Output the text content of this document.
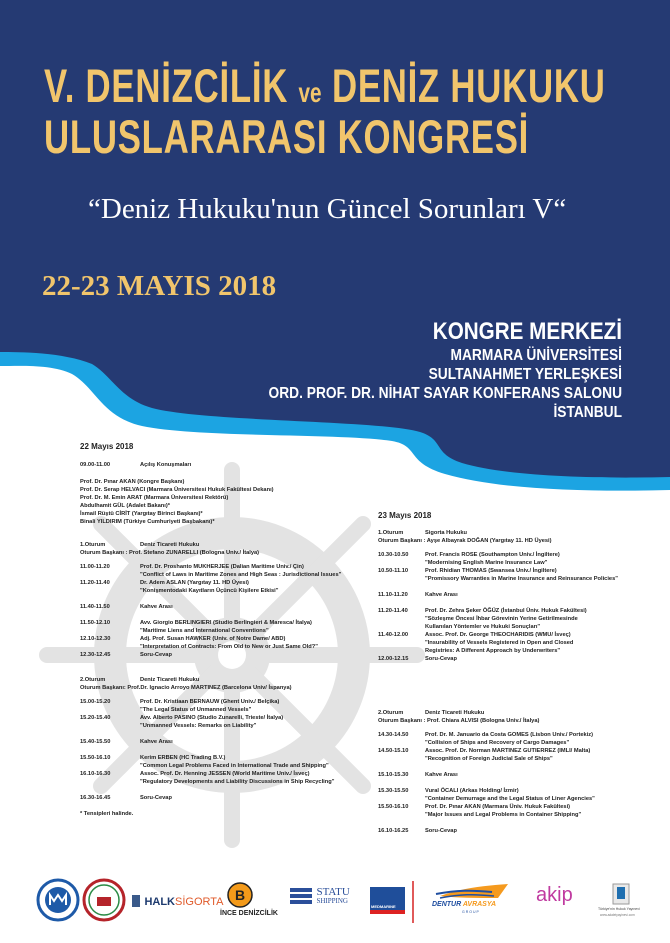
V. DENİZCİLİK ve DENİZ HUKUKU
ULUSLARARASI KONGRESİ
“Deniz Hukuku'nun Güncel Sorunları V“
22-23 MAYIS 2018
KONGRE MERKEZİ
MARMARA ÜNİVERSİTESİ
SULTANAHMET YERLEŞKESİ
ORD. PROF. DR. NİHAT SAYAR KONFERANS SALONU
İSTANBUL
22 Mayıs 2018
09.00-11.00	Açılış Konuşmaları
Prof. Dr. Pınar AKAN (Kongre Başkanı)
Prof. Dr. Serap HELVACI (Marmara Üniversitesi Hukuk Fakültesi Dekanı)
Prof. Dr. M. Emin ARAT (Marmara Üniversitesi Rektörü)
Abdulhamit GÜL (Adalet Bakanı)*
İsmail Rüştü CİRİT (Yargıtay Birinci Başkanı)*
Binali YILDIRIM (Türkiye Cumhuriyeti Başbakanı)*
1.Oturum	Deniz Ticareti Hukuku
Oturum Başkanı : Prof. Stefano ZUNARELLI (Bologna Univ./ İtalya)
11.00-11.20	Prof. Dr. Proshanto MUKHERJEE (Dalian Maritime Univ./ Çin)
"Conflict of Laws in Maritime Zones and High Seas : Jurisdictional Issues"
11.20-11.40	Dr. Adem ASLAN (Yargıtay 11. HD Üyesi)
"Konişmentodaki Kayıtların Üçüncü Kişilere Etkisi"
11.40-11.50	Kahve Arası
11.50-12.10	Avv. Giorgio BERLINGIERI (Studio Berlingieri & Maresca/ İtalya)
"Maritime Liens and International Conventions"
12.10-12.30	Adj. Prof. Susan HAWKER (Univ. of Notre Dame/ ABD)
"Interpretation of Contracts: From Old to New or Just Same Old?"
12.30-12.45	Soru-Cevap
2.Oturum	Deniz Ticareti Hukuku
Oturum Başkanı: Prof.Dr. Ignacio Arroyo MARTINEZ (Barcelona Univ/ İspanya)
15.00-15.20	Prof. Dr. Kristiaan BERNAUW (Ghent Univ./ Belçika)
"The Legal Status of Unmanned Vessels"
15.20-15.40	Avv. Alberto PASINO (Studio Zunarelli, Trieste/ İtalya)
"Unmanned Vessels: Remarks on Liability"
15.40-15.50	Kahve Arası
15.50-16.10	Kerim ERBEN (HC Trading B.V.)
"Common Legal Problems Faced in International Trade and Shipping"
16.10-16.30	Assoc. Prof. Dr. Henning JESSEN (World Maritime Univ./ İsveç)
"Regulatory Developments and Liability Discussions in Ship Recycling"
16.30-16.45	Soru-Cevap
* Tensipleri halinde.
23 Mayıs 2018
1.Oturum	Sigorta Hukuku
Oturum Başkanı : Ayşe Albayrak DOĞAN (Yargıtay 11. HD Üyesi)
10.30-10.50	Prof. Francis ROSE (Southampton Univ./ İngiltere)
"Modernising English Marine Insurance Law"
10.50-11.10	Prof. Rhidian THOMAS (Swansea Univ./ İngiltere)
"Promissory Warranties in Marine Insurance and Reinsurance Policies"
11.10-11.20	Kahve Arası
11.20-11.40	Prof. Dr. Zehra Şeker ÖĞÜZ (İstanbul Üniv. Hukuk Fakültesi)
"Sözleşme Öncesi İhbar Görevinin Yerine Getirilmesinde
Kullanılan Yöntemler ve Hukuki Sonuçları"
11.40-12.00	Assoc. Prof. Dr. George THEOCHARIDIS (WMU/ İsveç)
"Insurability of Vessels Registered in Open and Closed
Registries: A Different Approach by Underwriters"
12.00-12.15	Soru-Cevap
2.Oturum	Deniz Ticareti Hukuku
Oturum Başkanı : Prof. Chiara ALVISI (Bologna Univ./ İtalya)
14.30-14.50	Prof. Dr. M. Januario da Costa GOMES (Lisbon Univ./ Portekiz)
"Collision of Ships and Recovery of Cargo Damages"
14.50-15.10	Assoc. Prof. Dr. Norman MARTINEZ GUTIERREZ (IMLI/ Malta)
"Recognition of Foreign Judicial Sale of Ships"
15.10-15.30	Kahve Arası
15.30-15.50	Vural ÖCALI (Arkas Holding/ İzmir)
"Container Demurrage and the Legal Status of Liner Agencies"
15.50-16.10	Prof. Dr. Pınar AKAN (Marmara Üniv. Hukuk Fakültesi)
"Major Issues and Legal Problems in Container Shipping"
16.10-16.25	Soru-Cevap
HALKSİGORTA B
İNCE DENİZCİLİK

STATU
SHIPPING
MEDMARINE	DENTUR AVRASYA
GROUP
akip
Türkiye'nin Hukuk Yayınevi
www.adaletyayinevi.com
